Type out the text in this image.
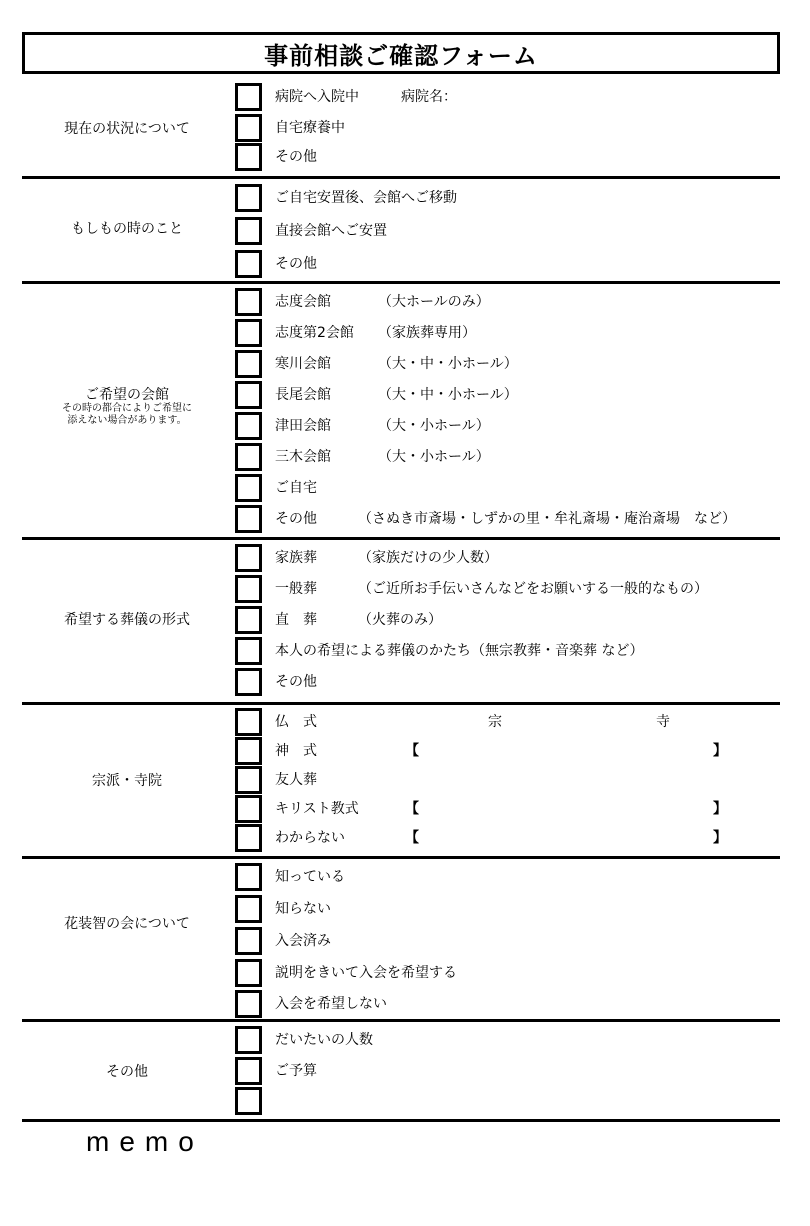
事前相談ご確認フォーム
現在の状況について
病院へ入院中	病院名：
自宅療養中
その他
もしもの時のこと
ご自宅安置後、会館へご移動
直接会館へご安置
その他
ご希望の会館
その時の都合によりご希望に
添えない場合があります。
志度会館	（大ホールのみ）
志度第2会館 （家族葬専用）
寒川会館	（大・中・小ホール）
長尾会館	（大・中・小ホール）
津田会館	（大・小ホール）
三木会館	（大・小ホール）
ご自宅
その他	（さぬき市斎場・しずかの里・牟礼斎場・庵治斎場　など）
希望する葬儀の形式
家族葬	（家族だけの少人数）
一般葬	（ご近所お手伝いさんなどをお願いする一般的なもの）
直　葬	（火葬のみ）
本人の希望による葬儀のかたち（無宗教葬・音楽葬 など）
その他
宗派・寺院
仏　式	宗	寺
神　式	【	】
友人葬
キリスト教式	【	】
わからない	【	】
花装智の会について
知っている
知らない
入会済み
説明をきいて入会を希望する
入会を希望しない
その他
だいたいの人数
ご予算
memo
